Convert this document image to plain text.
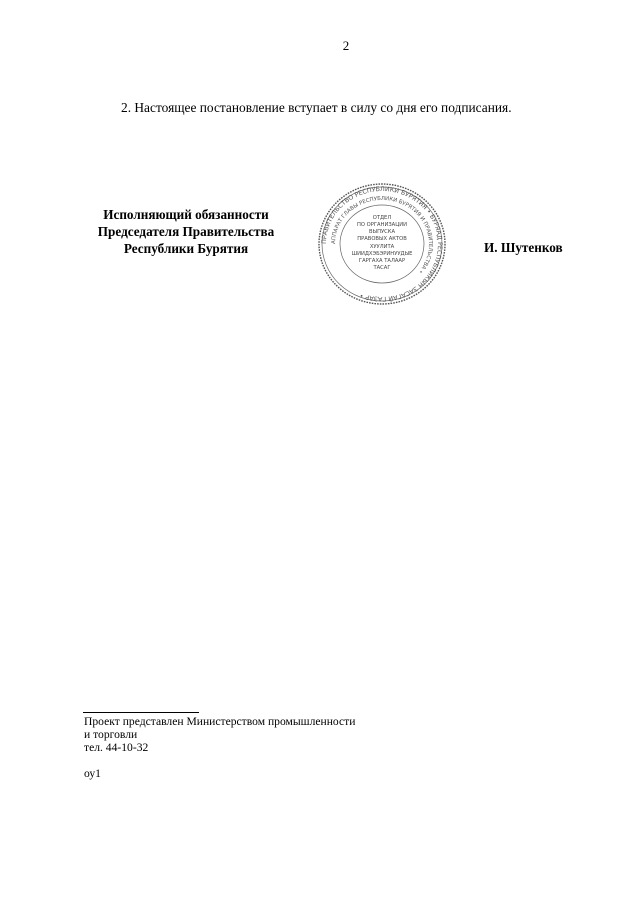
2
2. Настоящее постановление вступает в силу со дня его подписания.
Исполняющий обязанности
Председателя Правительства
Республики Бурятия	ПРАВИТЕЛЬСТВО РЕСПУБЛИКИ БУРЯТИЯ • БУРЯАД РЕСПУБЛИКЫН ЗАСАГАЙ ГАЗАР •
АППАРАТ ГЛАВЫ РЕСПУБЛИКИ БУРЯТИЯ И ПРАВИТЕЛЬСТВА •
ОТДЕЛ
ПО ОРГАНИЗАЦИИ
ВЫПУСКА
ПРАВОВЫХ АКТОВ
ХУУЛИТА
ШИИДХЭБЭРИНУУДЫЕ
ГАРГАХА ТАЛААР
ТАСАГ
И. Шутенков
Проект представлен Министерством промышленности
и торговли
тел. 44-10-32
оу1
